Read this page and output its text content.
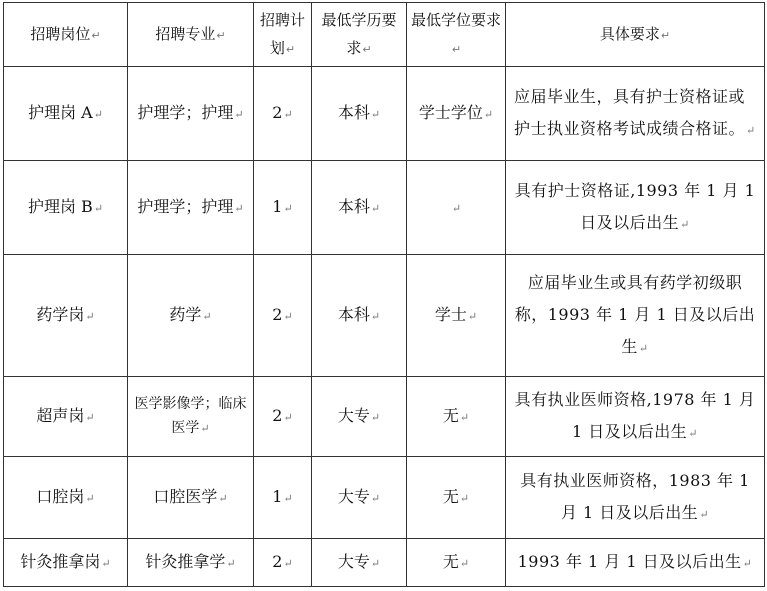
招聘岗位↵	招聘专业↵	招聘计划↵	最低学历要求↵	最低学位要求↵	具体要求↵
护理岗 A↵	护理学；护理↵	2↵	本科↵	学士学位↵	应届毕业生，具有护士资格证或护士执业资格考试成绩合格证。↵
护理岗 B↵	护理学；护理↵	1↵	本科↵	↵	具有护士资格证,1993 年 1 月 1 日及以后出生↵
药学岗↵	药学↵	2↵	本科↵	学士↵	应届毕业生或具有药学初级职称，1993 年 1 月 1 日及以后出生↵
超声岗↵	医学影像学；临床医学↵	2↵	大专↵	无↵	具有执业医师资格,1978 年 1 月 1 日及以后出生↵
口腔岗↵	口腔医学↵	1↵	大专↵	无↵	具有执业医师资格，1983 年 1 月 1 日及以后出生↵
针灸推拿岗↵	针灸推拿学↵	2↵	大专↵	无↵	1993 年 1 月 1 日及以后出生↵
